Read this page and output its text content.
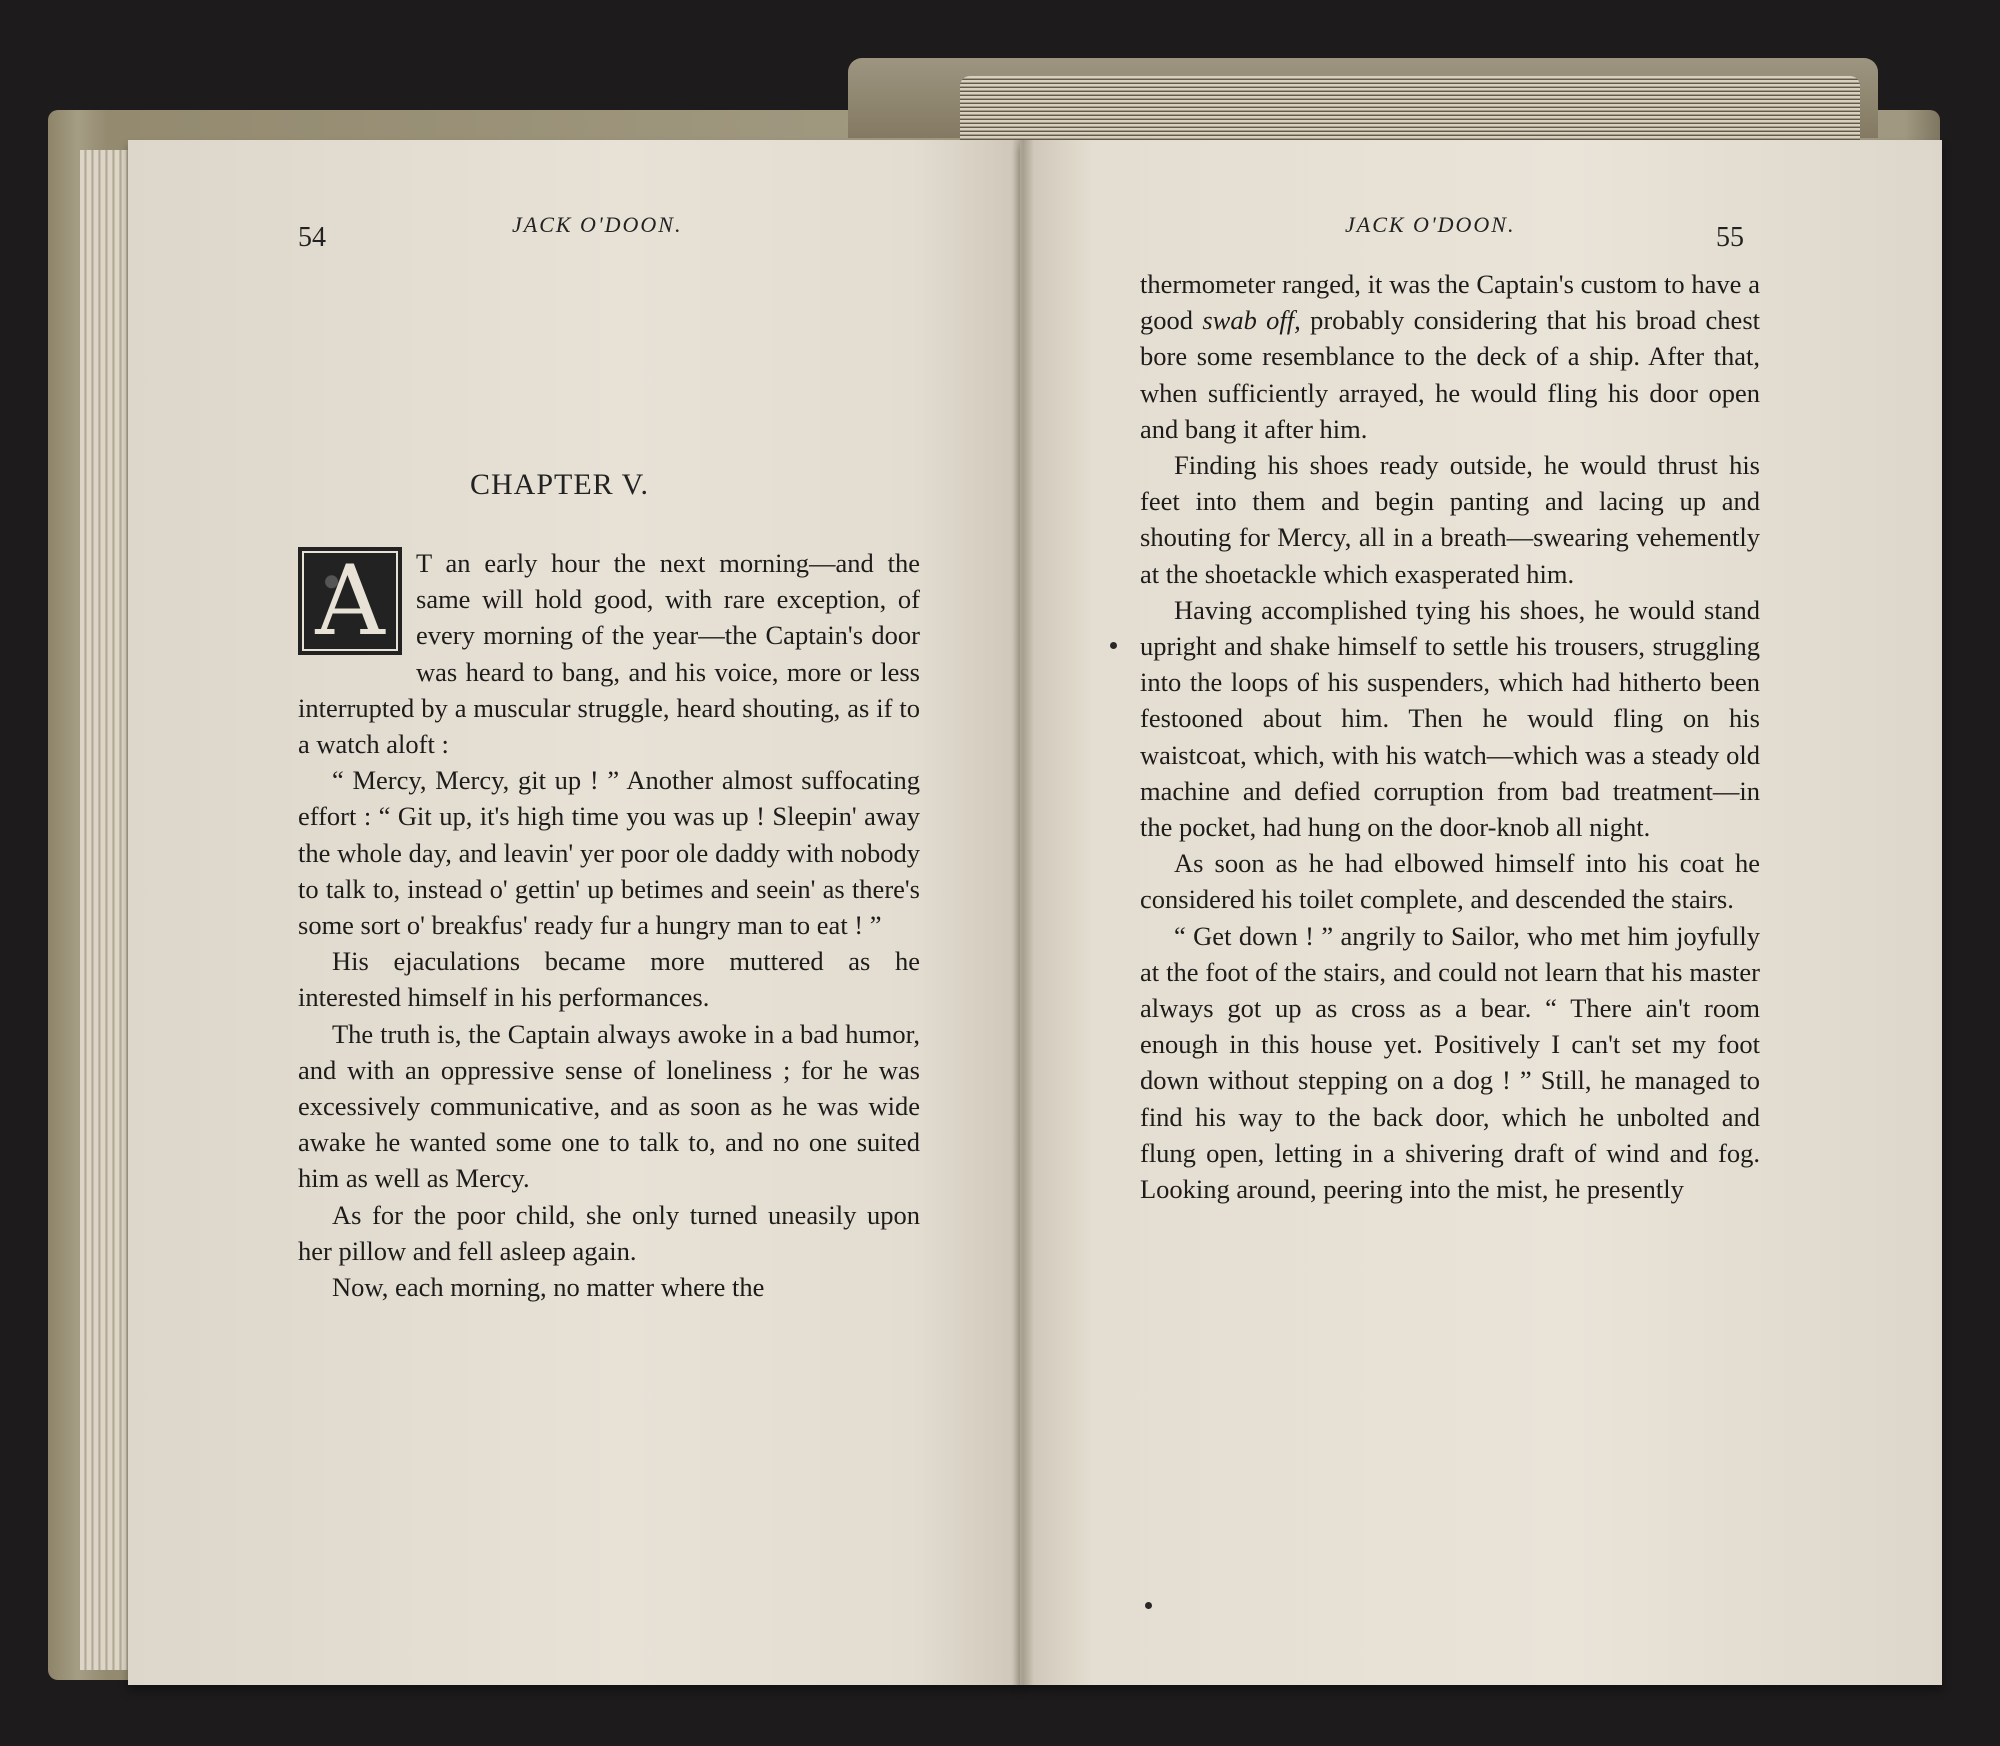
54	JACK O'DOON.
CHAPTER V.
A	T an early hour the next morning—and the same will hold good, with rare exception, of every morning of the year—the Captain's door was heard to bang, and his voice, more or less interrupted by a muscular struggle, heard shouting, as if to a watch aloft :

“ Mercy, Mercy, git up ! ” Another almost suffocating effort : “ Git up, it's high time you was up ! Sleepin' away the whole day, and leavin' yer poor ole daddy with nobody to talk to, instead o' gettin' up betimes and seein' as there's some sort o' breakfus' ready fur a hungry man to eat ! ”

His ejaculations became more muttered as he interested himself in his performances.

The truth is, the Captain always awoke in a bad humor, and with an oppressive sense of loneliness ; for he was excessively communicative, and as soon as he was wide awake he wanted some one to talk to, and no one suited him as well as Mercy.

As for the poor child, she only turned uneasily upon her pillow and fell asleep again.

Now, each morning, no matter where the

JACK O'DOON.	55

thermometer ranged, it was the Captain's custom to have a good swab off, probably considering that his broad chest bore some resemblance to the deck of a ship. After that, when sufficiently arrayed, he would fling his door open and bang it after him.

Finding his shoes ready outside, he would thrust his feet into them and begin panting and lacing up and shouting for Mercy, all in a breath—swearing vehemently at the shoetackle which exasperated him.

Having accomplished tying his shoes, he would stand upright and shake himself to settle his trousers, struggling into the loops of his suspenders, which had hitherto been festooned about him. Then he would fling on his waistcoat, which, with his watch—which was a steady old machine and defied corruption from bad treatment—in the pocket, had hung on the door-knob all night.

As soon as he had elbowed himself into his coat he considered his toilet complete, and descended the stairs.

“ Get down ! ” angrily to Sailor, who met him joyfully at the foot of the stairs, and could not learn that his master always got up as cross as a bear. “ There ain't room enough in this house yet. Positively I can't set my foot down without stepping on a dog ! ” Still, he managed to find his way to the back door, which he unbolted and flung open, letting in a shivering draft of wind and fog. Looking around, peering into the mist, he presently
